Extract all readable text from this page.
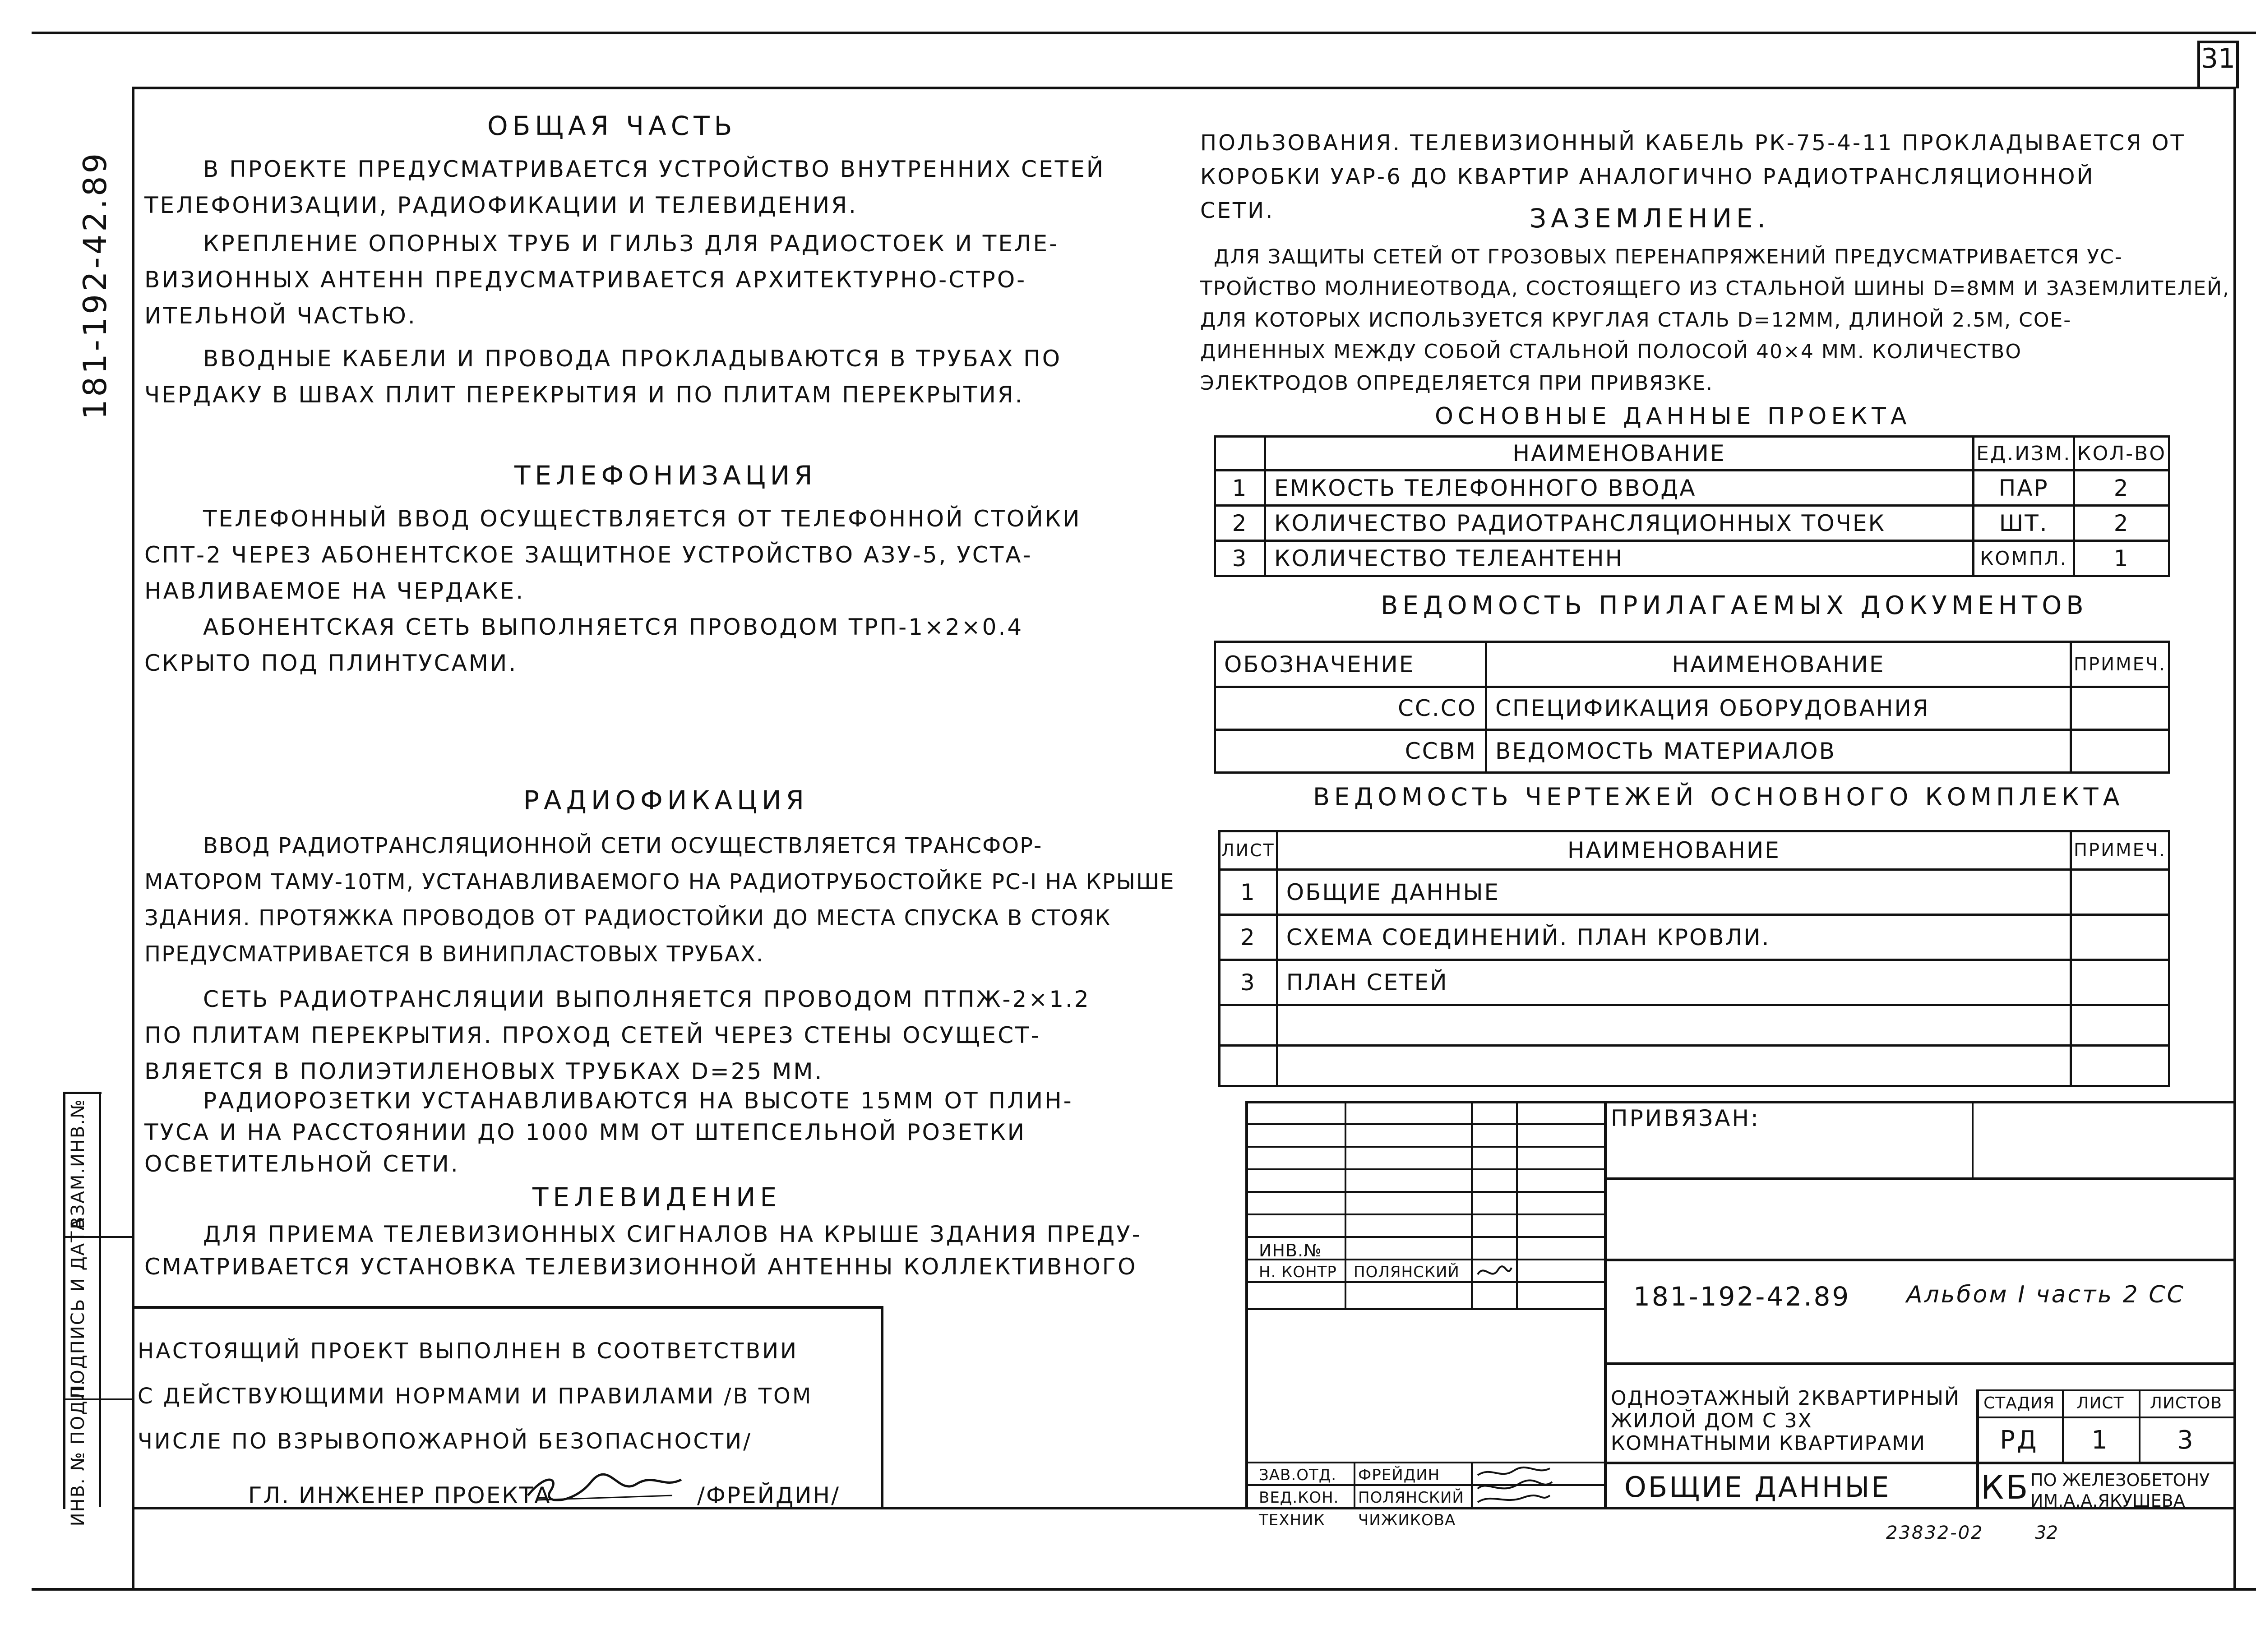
31
181-192-42.89
ОБЩАЯ ЧАСТЬ
В ПРОЕКТЕ ПРЕДУСМАТРИВАЕТСЯ УСТРОЙСТВО ВНУТРЕННИХ СЕТЕЙ
ТЕЛЕФОНИЗАЦИИ, РАДИОФИКАЦИИ И ТЕЛЕВИДЕНИЯ.
КРЕПЛЕНИЕ ОПОРНЫХ ТРУБ И ГИЛЬЗ ДЛЯ РАДИОСТОЕК И ТЕЛЕ-
ВИЗИОННЫХ АНТЕНН ПРЕДУСМАТРИВАЕТСЯ АРХИТЕКТУРНО-СТРО-
ИТЕЛЬНОЙ ЧАСТЬЮ.
ВВОДНЫЕ КАБЕЛИ И ПРОВОДА ПРОКЛАДЫВАЮТСЯ В ТРУБАХ ПО
ЧЕРДАКУ В ШВАХ ПЛИТ ПЕРЕКРЫТИЯ И ПО ПЛИТАМ ПЕРЕКРЫТИЯ.
ТЕЛЕФОНИЗАЦИЯ
ТЕЛЕФОННЫЙ ВВОД ОСУЩЕСТВЛЯЕТСЯ ОТ ТЕЛЕФОННОЙ СТОЙКИ
СПТ-2 ЧЕРЕЗ АБОНЕНТСКОЕ ЗАЩИТНОЕ УСТРОЙСТВО АЗУ-5, УСТА-
НАВЛИВАЕМОЕ НА ЧЕРДАКЕ.
АБОНЕНТСКАЯ СЕТЬ ВЫПОЛНЯЕТСЯ ПРОВОДОМ ТРП-1×2×0.4
СКРЫТО ПОД ПЛИНТУСАМИ.
РАДИОФИКАЦИЯ
ВВОД РАДИОТРАНСЛЯЦИОННОЙ СЕТИ ОСУЩЕСТВЛЯЕТСЯ ТРАНСФОР-
МАТОРОМ ТАМУ-10ТМ, УСТАНАВЛИВАЕМОГО НА РАДИОТРУБОСТОЙКЕ РС-I НА КРЫШЕ
ЗДАНИЯ. ПРОТЯЖКА ПРОВОДОВ ОТ РАДИОСТОЙКИ ДО МЕСТА СПУСКА В СТОЯК
ПРЕДУСМАТРИВАЕТСЯ В ВИНИПЛАСТОВЫХ ТРУБАХ.
СЕТЬ РАДИОТРАНСЛЯЦИИ ВЫПОЛНЯЕТСЯ ПРОВОДОМ ПТПЖ-2×1.2
ПО ПЛИТАМ ПЕРЕКРЫТИЯ. ПРОХОД СЕТЕЙ ЧЕРЕЗ СТЕНЫ ОСУЩЕСТ-
ВЛЯЕТСЯ В ПОЛИЭТИЛЕНОВЫХ ТРУБКАХ D=25 ММ.
РАДИОРОЗЕТКИ УСТАНАВЛИВАЮТСЯ НА ВЫСОТЕ 15ММ ОТ ПЛИН-
ТУСА И НА РАССТОЯНИИ ДО 1000 ММ ОТ ШТЕПСЕЛЬНОЙ РОЗЕТКИ
ОСВЕТИТЕЛЬНОЙ СЕТИ.
ТЕЛЕВИДЕНИЕ
ДЛЯ ПРИЕМА ТЕЛЕВИЗИОННЫХ СИГНАЛОВ НА КРЫШЕ ЗДАНИЯ ПРЕДУ-
СМАТРИВАЕТСЯ УСТАНОВКА ТЕЛЕВИЗИОННОЙ АНТЕННЫ КОЛЛЕКТИВНОГО
ПОЛЬЗОВАНИЯ. ТЕЛЕВИЗИОННЫЙ КАБЕЛЬ РК-75-4-11 ПРОКЛАДЫВАЕТСЯ ОТ
КОРОБКИ УАР-6 ДО КВАРТИР АНАЛОГИЧНО РАДИОТРАНСЛЯЦИОННОЙ
СЕТИ.	ЗАЗЕМЛЕНИЕ.
ДЛЯ ЗАЩИТЫ СЕТЕЙ ОТ ГРОЗОВЫХ ПЕРЕНАПРЯЖЕНИЙ ПРЕДУСМАТРИВАЕТСЯ УС-
ТРОЙСТВО МОЛНИЕОТВОДА, СОСТОЯЩЕГО ИЗ СТАЛЬНОЙ ШИНЫ D=8ММ И ЗАЗЕМЛИТЕЛЕЙ,
ДЛЯ КОТОРЫХ ИСПОЛЬЗУЕТСЯ КРУГЛАЯ СТАЛЬ D=12ММ, ДЛИНОЙ 2.5М, СОЕ-
ДИНЕННЫХ МЕЖДУ СОБОЙ СТАЛЬНОЙ ПОЛОСОЙ 40×4 ММ. КОЛИЧЕСТВО
ЭЛЕКТРОДОВ ОПРЕДЕЛЯЕТСЯ ПРИ ПРИВЯЗКЕ.
ОСНОВНЫЕ ДАННЫЕ ПРОЕКТА
	НАИМЕНОВАНИЕ	ЕД.ИЗМ.	КОЛ-ВО
1	ЕМКОСТЬ ТЕЛЕФОННОГО ВВОДА	ПАР	2
2	КОЛИЧЕСТВО РАДИОТРАНСЛЯЦИОННЫХ ТОЧЕК	ШТ.	2
3	КОЛИЧЕСТВО ТЕЛЕАНТЕНН	КОМПЛ.	1
ВЕДОМОСТЬ ПРИЛАГАЕМЫХ ДОКУМЕНТОВ
ОБОЗНАЧЕНИЕ	НАИМЕНОВАНИЕ	ПРИМЕЧ.
СС.СО	СПЕЦИФИКАЦИЯ ОБОРУДОВАНИЯ	
ССВМ	ВЕДОМОСТЬ МАТЕРИАЛОВ	
ВЕДОМОСТЬ ЧЕРТЕЖЕЙ ОСНОВНОГО КОМПЛЕКТА
ЛИСТ	НАИМЕНОВАНИЕ	ПРИМЕЧ.
1	ОБЩИЕ ДАННЫЕ	
2	СХЕМА СОЕДИНЕНИЙ. ПЛАН КРОВЛИ.	
3	ПЛАН СЕТЕЙ	

НАСТОЯЩИЙ ПРОЕКТ ВЫПОЛНЕН В СООТВЕТСТВИИ
С ДЕЙСТВУЮЩИМИ НОРМАМИ И ПРАВИЛАМИ /В ТОМ
ЧИСЛЕ ПО ВЗРЫВОПОЖАРНОЙ БЕЗОПАСНОСТИ/
ГЛ. ИНЖЕНЕР ПРОЕКТА	/ФРЕЙДИН/
ИНВ. № ПОДЛ.
ПОДПИСЬ И ДАТА
ВЗАМ.ИНВ.№	ПРИВЯЗАН:
ИНВ.№
Н. КОНТР ПОЛЯНСКИЙ
181-192-42.89 Альбом I часть 2 СС
ОДНОЭТАЖНЫЙ 2КВАРТИРНЫЙ ЖИЛОЙ ДОМ С 3Х КОМНАТНЫМИ КВАРТИРАМИ
СТАДИЯ	ЛИСТ	ЛИСТОВ
РД	1	3
ЗАВ.ОТД. ФРЕЙДИН
ВЕД.КОН. ПОЛЯНСКИЙ
ТЕХНИК ЧИЖИКОВА
ОБЩИЕ ДАННЫЕ	КБ ПО ЖЕЛЕЗОБЕТОНУ ИМ.А.А.ЯКУШЕВА
23832-02	32
